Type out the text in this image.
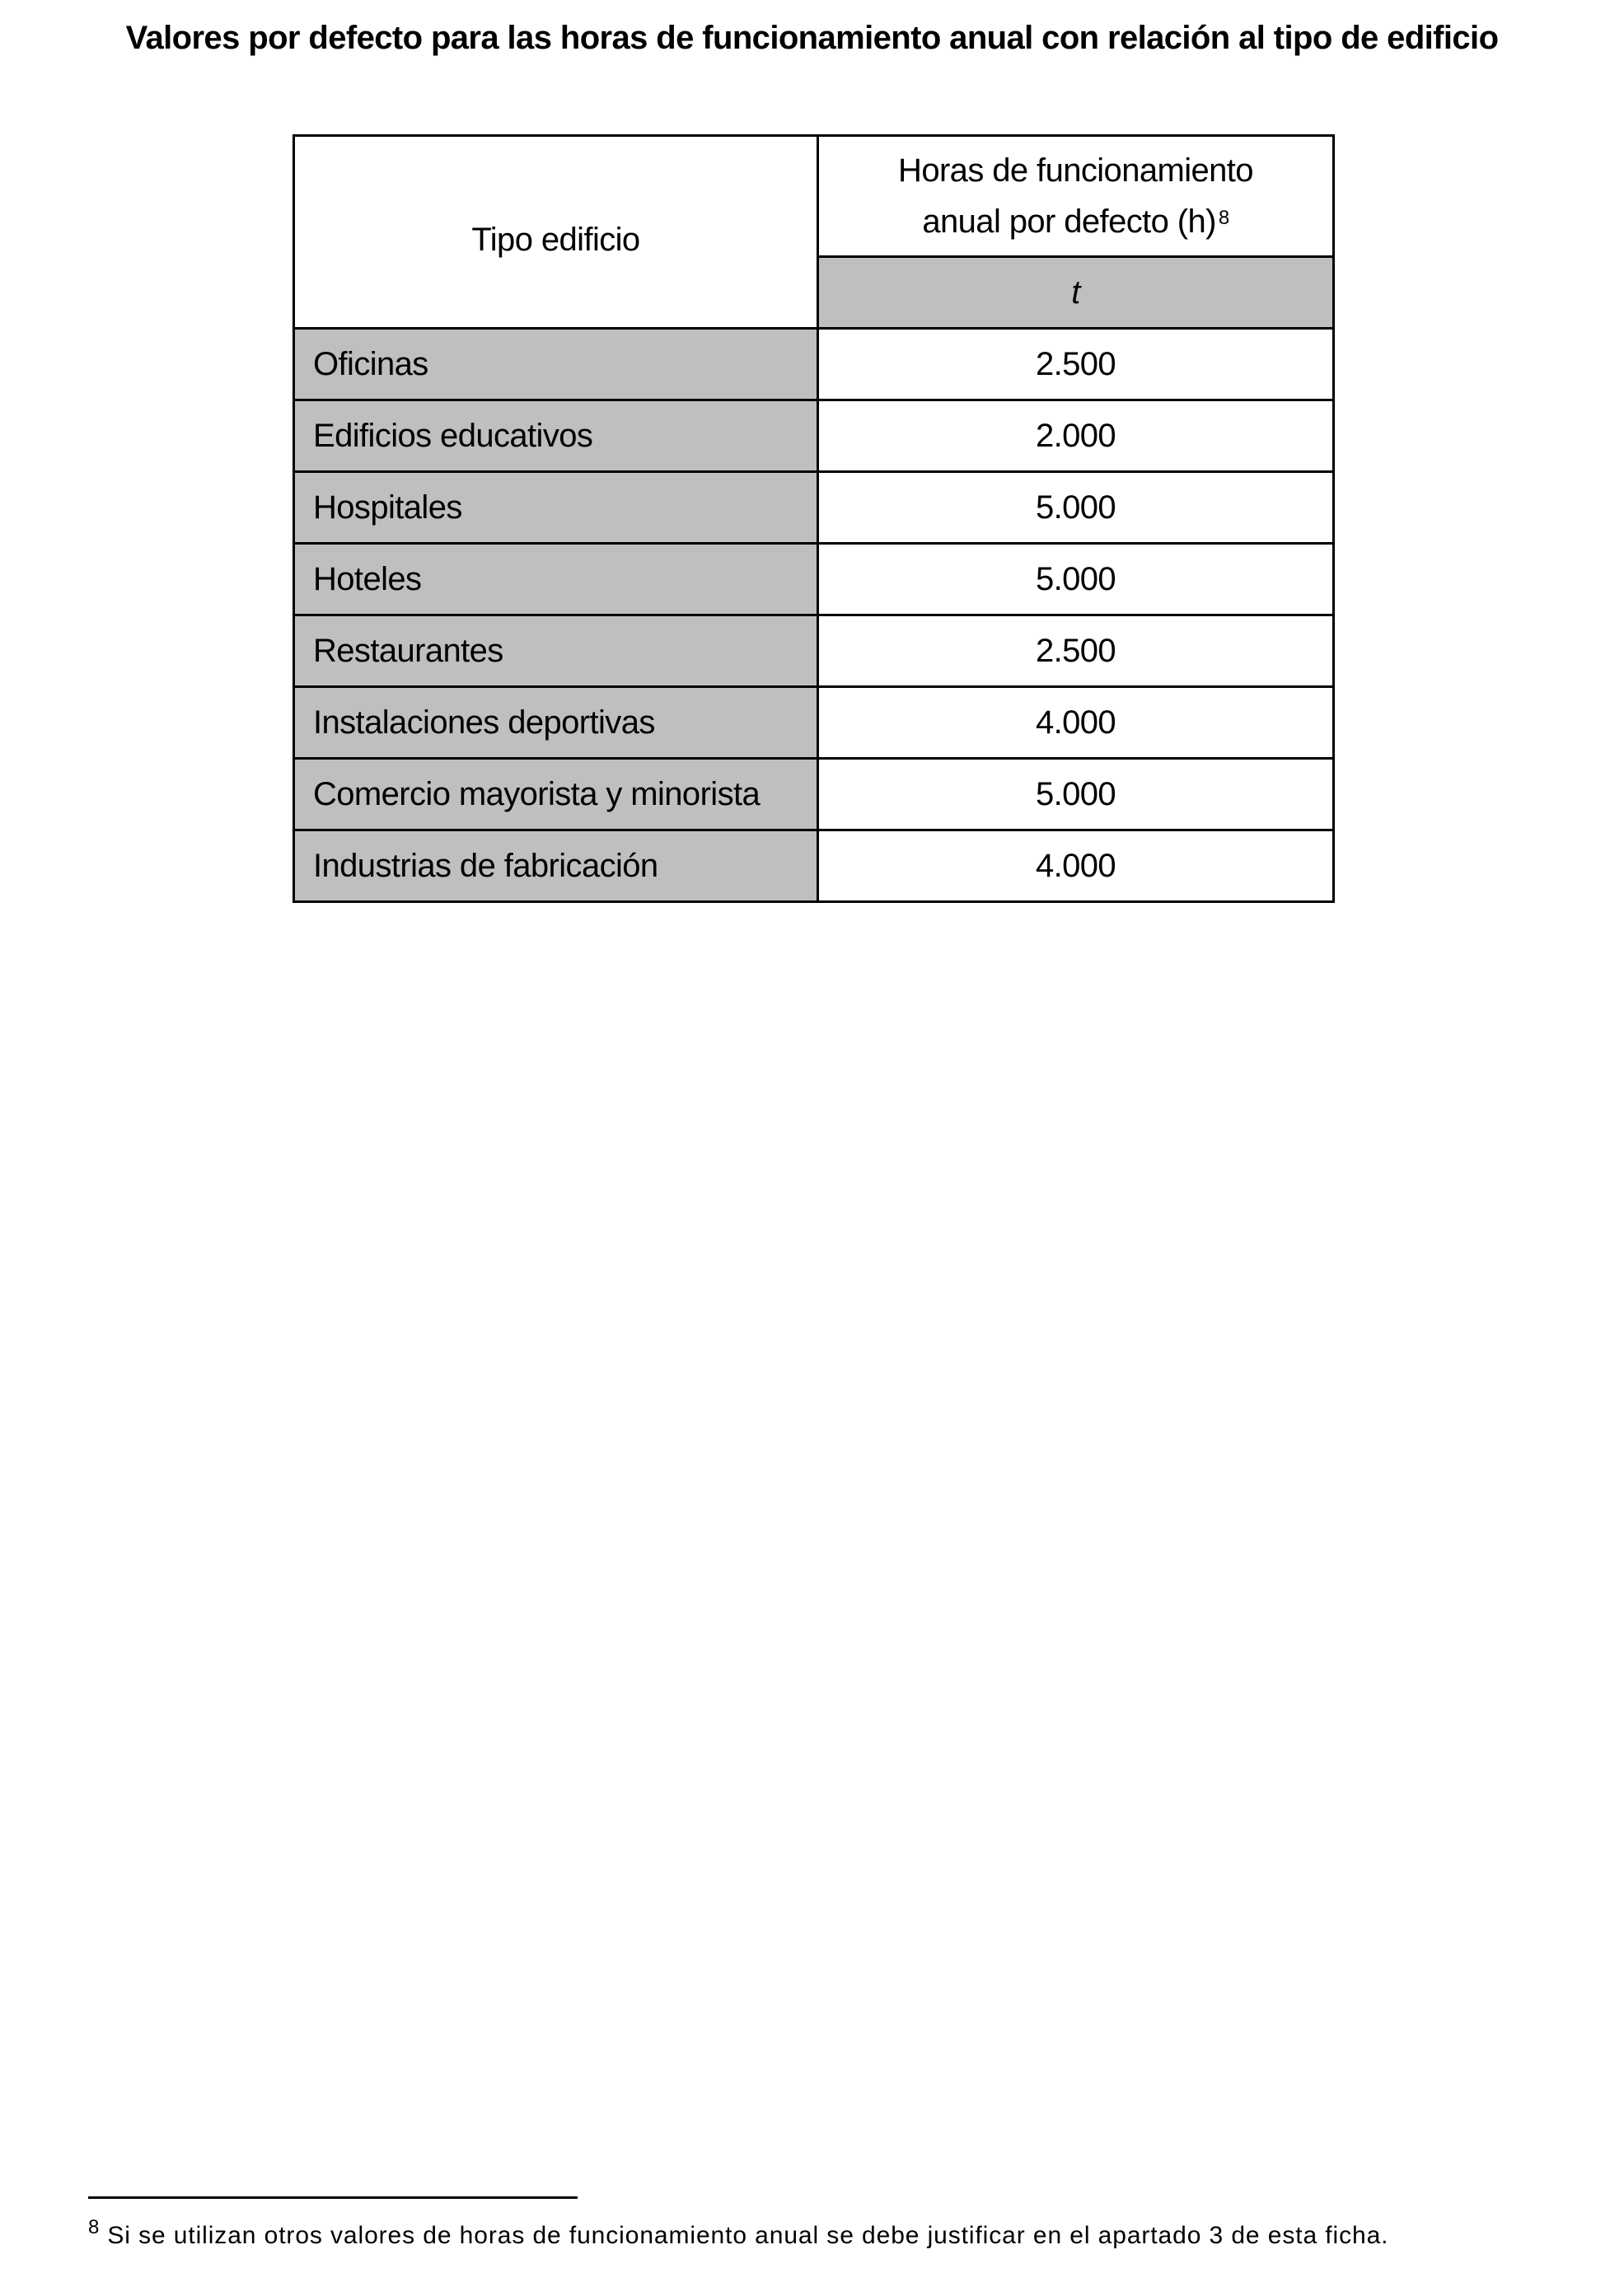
Valores por defecto para las horas de funcionamiento anual con relación al tipo de edificio
Tipo edificio	Horas de funcionamiento
anual por defecto (h) $^8$
	t
Oficinas	2.500
Edificios educativos	2.000
Hospitales	5.000
Hoteles	5.000
Restaurantes	2.500
Instalaciones deportivas	4.000
Comercio mayorista y minorista	5.000
Industrias de fabricación	4.000
$^8$ Si se utilizan otros valores de horas de funcionamiento anual se debe justificar en el apartado 3 de esta ficha.
